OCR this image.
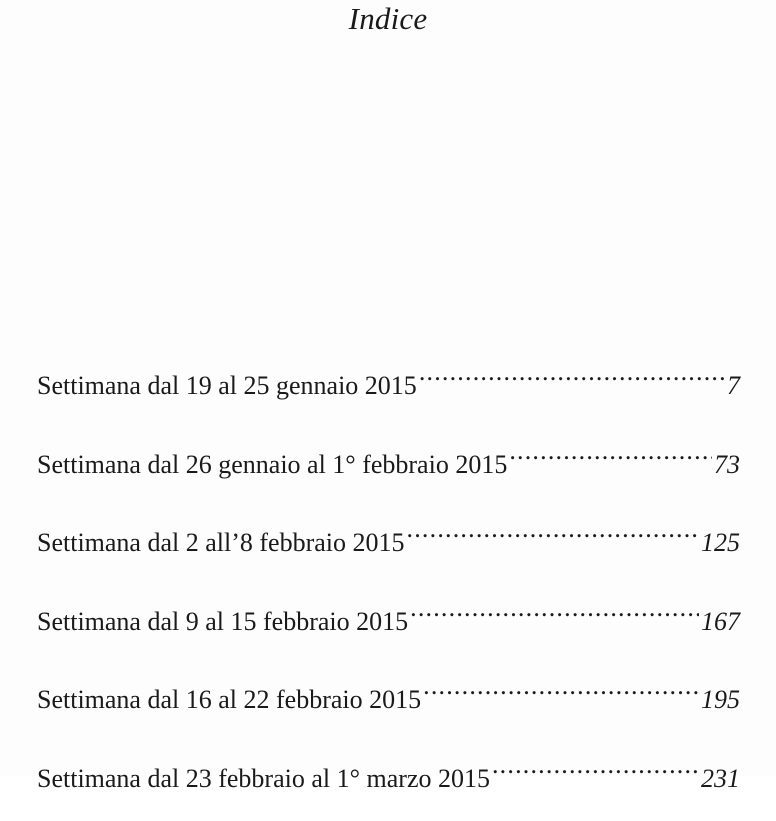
Indice
Settimana dal 19 al 25 gennaio 2015 .....	7
Settimana dal 26 gennaio al 1° febbraio 2015 .....	73
Settimana dal 2 all’8 febbraio 2015 .....	125
Settimana dal 9 al 15 febbraio 2015 .....	167
Settimana dal 16 al 22 febbraio 2015 .....	195
Settimana dal 23 febbraio al 1° marzo 2015 .....	231
